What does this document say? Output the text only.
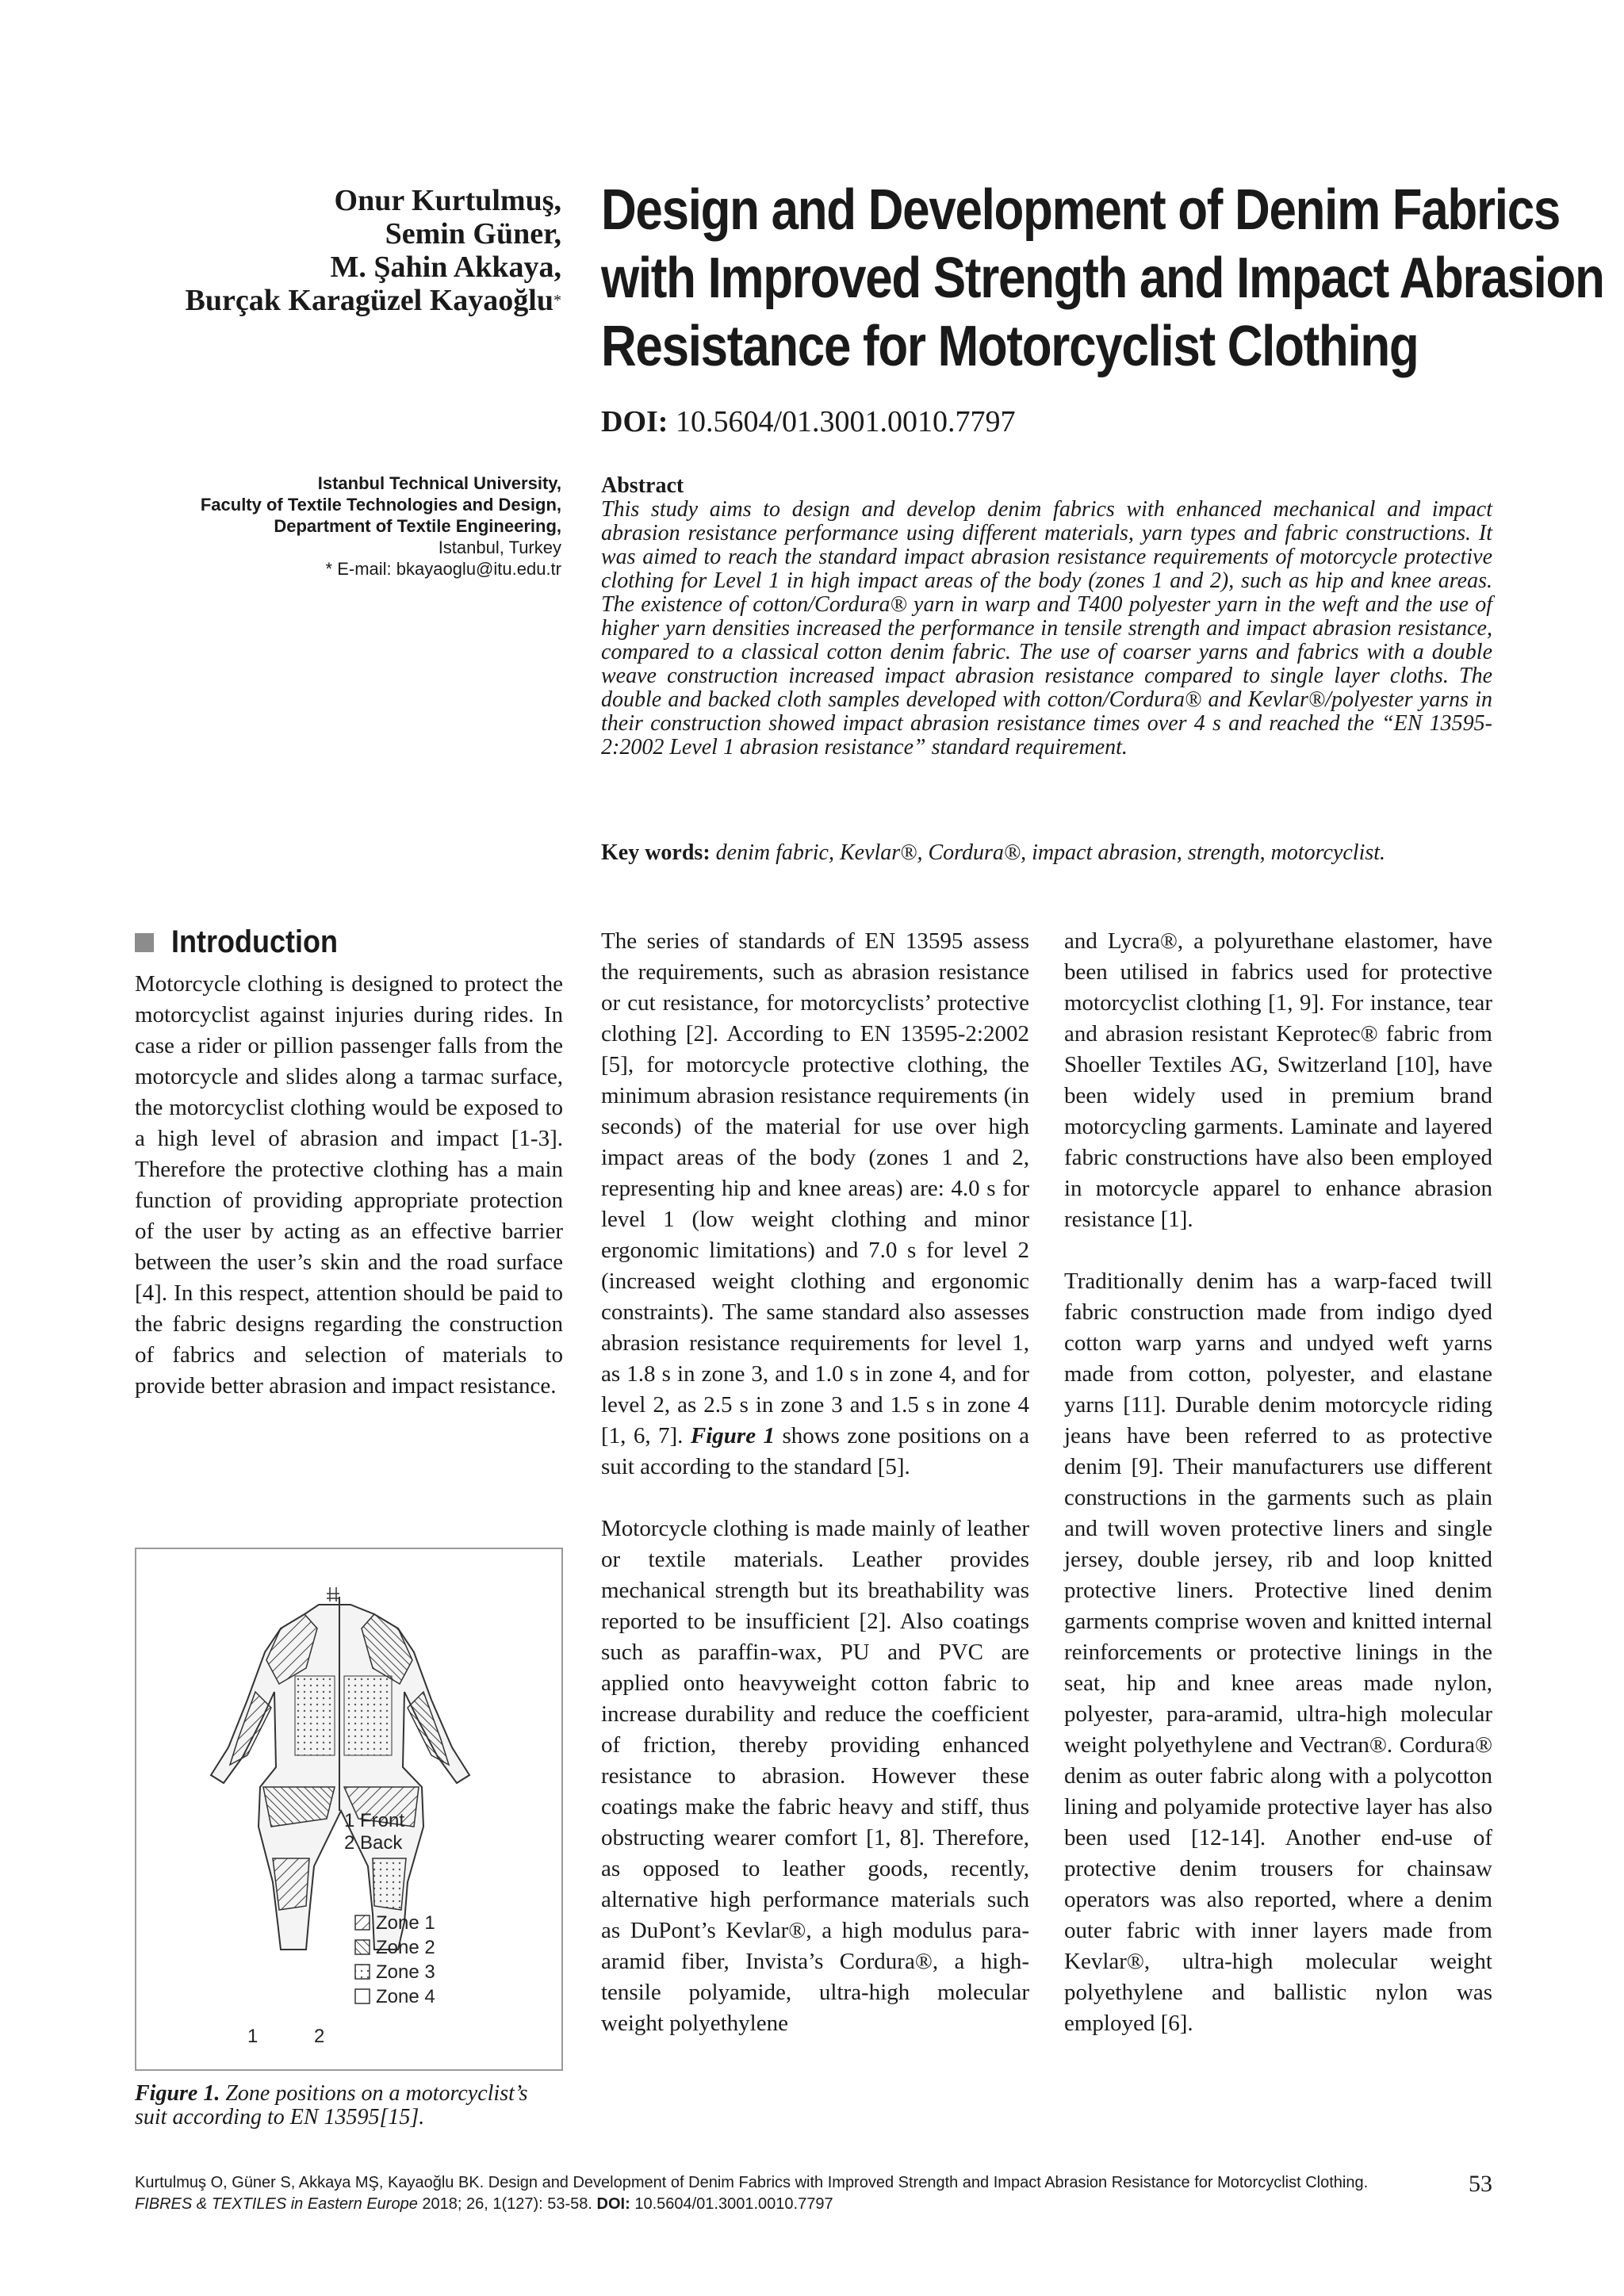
Onur Kurtulmuş,
Semin Güner,
M. Şahin Akkaya,
Burçak Karagüzel Kayaoğlu*
Design and Development of Denim Fabrics
with Improved Strength and Impact Abrasion
Resistance for Motorcyclist Clothing
DOI: 10.5604/01.3001.0010.7797
Istanbul Technical University,
Faculty of Textile Technologies and Design,
Department of Textile Engineering,
Istanbul, Turkey
* E-mail: bkayaoglu@itu.edu.tr
Abstract

This study aims to design and develop denim fabrics with enhanced mechanical and impact abrasion resistance performance using different materials, yarn types and fabric constructions. It was aimed to reach the standard impact abrasion resistance requirements of motorcycle protective clothing for Level 1 in high impact areas of the body (zones 1 and 2), such as hip and knee areas. The existence of cotton/Cordura® yarn in warp and T400 polyester yarn in the weft and the use of higher yarn densities increased the performance in tensile strength and impact abrasion resistance, compared to a classical cotton denim fabric. The use of coarser yarns and fabrics with a double weave construction increased impact abrasion resistance compared to single layer cloths. The double and backed cloth samples developed with cotton/Cordura® and Kevlar®/polyester yarns in their construction showed impact abrasion resistance times over 4 s and reached the “EN 13595-2:2002 Level 1 abrasion resistance” standard requirement.

Key words: denim fabric, Kevlar®, Cordura®, impact abrasion, strength, motorcyclist.
Introduction
Motorcycle clothing is designed to protect the motorcyclist against injuries during rides. In case a rider or pillion passenger falls from the motorcycle and slides along a tarmac surface, the motorcyclist clothing would be exposed to a high level of abrasion and impact [1-3]. Therefore the protective clothing has a main function of providing appropriate protection of the user by acting as an effective barrier between the user’s skin and the road surface [4]. In this respect, attention should be paid to the fabric designs regarding the construction of fabrics and selection of materials to provide better abrasion and impact resistance.
1 Front
2 Back
Zone 1
Zone 2
Zone 3
Zone 4
1	2
Figure 1. Zone positions on a motorcyclist’s suit according to EN 13595[15].

The series of standards of EN 13595 assess the requirements, such as abrasion resistance or cut resistance, for motorcyclists’ protective clothing [2]. According to EN 13595-2:2002 [5], for motorcycle protective clothing, the minimum abrasion resistance requirements (in seconds) of the material for use over high impact areas of the body (zones 1 and 2, representing hip and knee areas) are: 4.0 s for level 1 (low weight clothing and minor ergonomic limitations) and 7.0 s for level 2 (increased weight clothing and ergonomic constraints). The same standard also assesses abrasion resistance requirements for level 1, as 1.8 s in zone 3, and 1.0 s in zone 4, and for level 2, as 2.5 s in zone 3 and 1.5 s in zone 4 [1, 6, 7]. Figure 1 shows zone positions on a suit according to the standard [5].

Motorcycle clothing is made mainly of leather or textile materials. Leather provides mechanical strength but its breathability was reported to be insufficient [2]. Also coatings such as paraffin-wax, PU and PVC are applied onto heavyweight cotton fabric to increase durability and reduce the coefficient of friction, thereby providing enhanced resistance to abrasion. However these coatings make the fabric heavy and stiff, thus obstructing wearer comfort [1, 8]. Therefore, as opposed to leather goods, recently, alternative high performance materials such as DuPont’s Kevlar®, a high modulus para-aramid fiber, Invista’s Cordura®, a high-tensile polyamide, ultra-high molecular weight polyethylene

and Lycra®, a polyurethane elastomer, have been utilised in fabrics used for protective motorcyclist clothing [1, 9]. For instance, tear and abrasion resistant Keprotec® fabric from Shoeller Textiles AG, Switzerland [10], have been widely used in premium brand motorcycling garments. Laminate and layered fabric constructions have also been employed in motorcycle apparel to enhance abrasion resistance [1].

Traditionally denim has a warp-faced twill fabric construction made from indigo dyed cotton warp yarns and undyed weft yarns made from cotton, polyester, and elastane yarns [11]. Durable denim motorcycle riding jeans have been referred to as protective denim [9]. Their manufacturers use different constructions in the garments such as plain and twill woven protective liners and single jersey, double jersey, rib and loop knitted protective liners. Protective lined denim garments comprise woven and knitted internal reinforcements or protective linings in the seat, hip and knee areas made nylon, polyester, para-aramid, ultra-high molecular weight polyethylene and Vectran®. Cordura® denim as outer fabric along with a polycotton lining and polyamide protective layer has also been used [12-14]. Another end-use of protective denim trousers for chainsaw operators was also reported, where a denim outer fabric with inner layers made from Kevlar®, ultra-high molecular weight polyethylene and ballistic nylon was employed [6].

Kurtulmuş O, Güner S, Akkaya MŞ, Kayaoğlu BK. Design and Development of Denim Fabrics with Improved Strength and Impact Abrasion Resistance for Motorcyclist Clothing.
FIBRES & TEXTILES in Eastern Europe 2018; 26, 1(127): 53-58. DOI: 10.5604/01.3001.0010.7797
53
